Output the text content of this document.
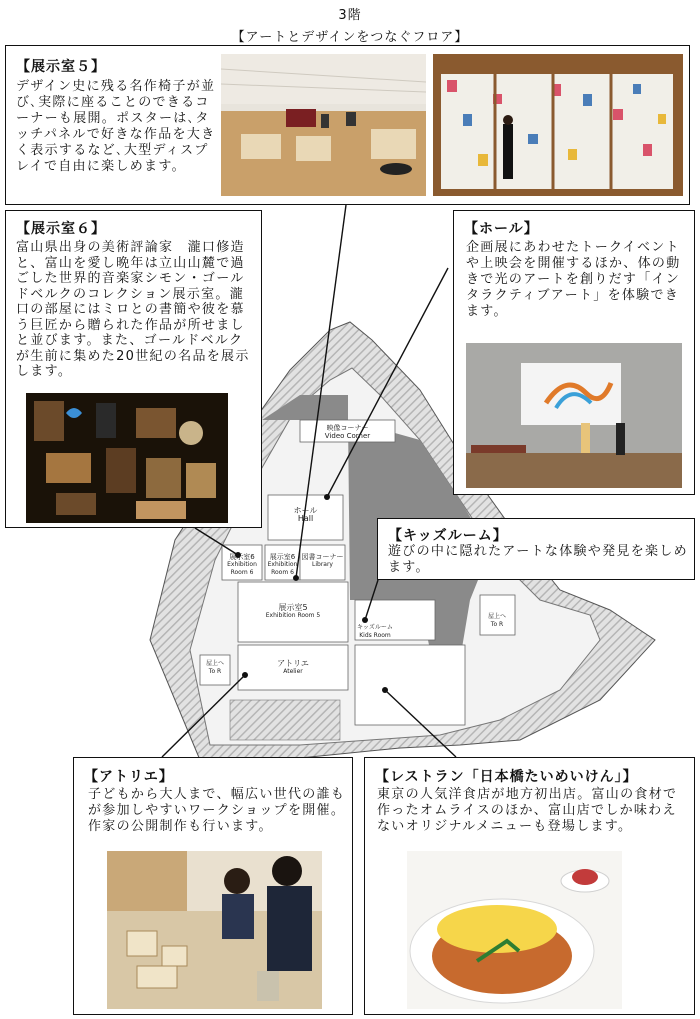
3階
【アートとデザインをつなぐフロア】
映像コーナー
Video Corner
ホール
Hall
展示室6
Exhibition Room 6
展示室6
Exhibition Room 6
図書コーナー
Library
展示室5
Exhibition Room 5
キッズルーム
Kids Room
アトリエ
Atelier
屋上へ
To R
屋上へ
To R
【展示室５】

デザイン史に残る名作椅子が並び､実際に座ることのできるコーナーも展開。ポスターは､タッチパネルで好きな作品を大きく表示するなど､大型ディスプレイで自由に楽しめます。

【展示室６】

富山県出身の美術評論家　瀧口修造と、富山を愛し晩年は立山山麓で過ごした世界的音楽家シモン・ゴールドベルクのコレクション展示室。瀧口の部屋にはミロとの書簡や彼を慕う巨匠から贈られた作品が所せましと並びます。また、ゴールドベルクが生前に集めた20世紀の名品を展示します。

【ホール】

企画展にあわせたトークイベントや上映会を開催するほか、体の動きで光のアートを創りだす「インタラクティブアート」を体験できます。

【キッズルーム】

遊びの中に隠れたアートな体験や発見を楽しめます。

【アトリエ】

子どもから大人まで、幅広い世代の誰もが参加しやすいワークショップを開催。作家の公開制作も行います。

【レストラン「日本橋たいめいけん」】

東京の人気洋食店が地方初出店。富山の食材で作ったオムライスのほか、富山店でしか味わえないオリジナルメニューも登場します。
